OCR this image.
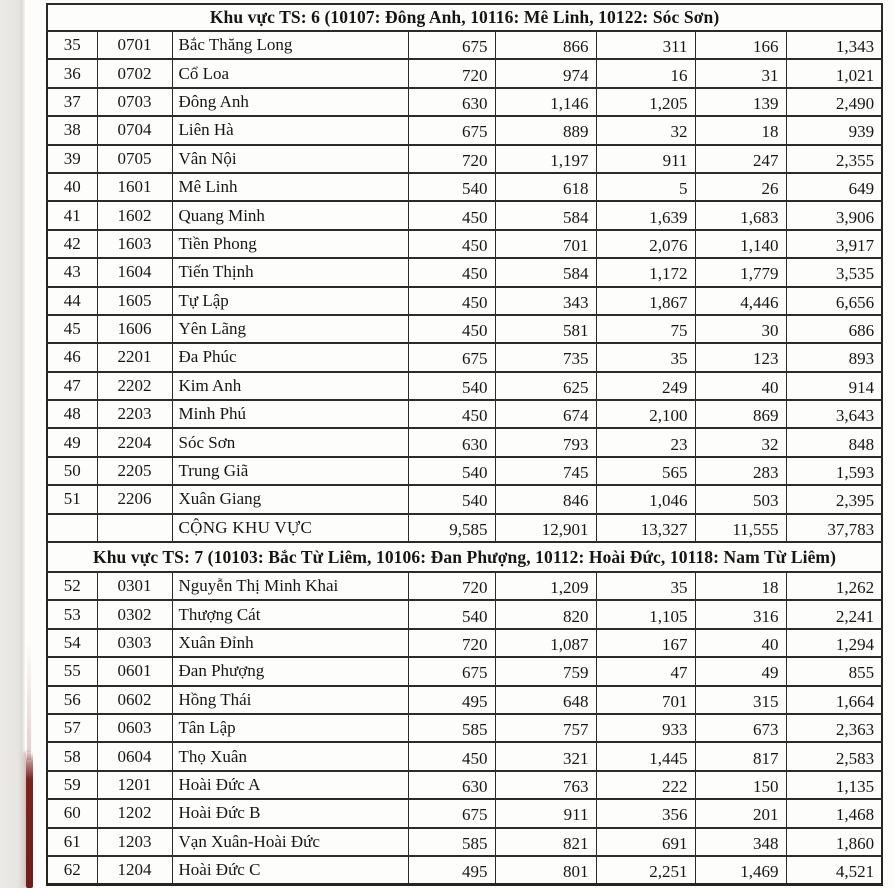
Khu vực TS: 6 (10107: Đông Anh, 10116: Mê Linh, 10122: Sóc Sơn)							
35	0701	Bắc Thăng Long	675	866	311	166	1,343
36	0702	Cổ Loa	720	974	16	31	1,021
37	0703	Đông Anh	630	1,146	1,205	139	2,490
38	0704	Liên Hà	675	889	32	18	939
39	0705	Vân Nội	720	1,197	911	247	2,355
40	1601	Mê Linh	540	618	5	26	649
41	1602	Quang Minh	450	584	1,639	1,683	3,906
42	1603	Tiền Phong	450	701	2,076	1,140	3,917
43	1604	Tiến Thịnh	450	584	1,172	1,779	3,535
44	1605	Tự Lập	450	343	1,867	4,446	6,656
45	1606	Yên Lãng	450	581	75	30	686
46	2201	Đa Phúc	675	735	35	123	893
47	2202	Kim Anh	540	625	249	40	914
48	2203	Minh Phú	450	674	2,100	869	3,643
49	2204	Sóc Sơn	630	793	23	32	848
50	2205	Trung Giã	540	745	565	283	1,593
51	2206	Xuân Giang	540	846	1,046	503	2,395
		CỘNG KHU VỰC	9,585	12,901	13,327	11,555	37,783
Khu vực TS: 7 (10103: Bắc Từ Liêm, 10106: Đan Phượng, 10112: Hoài Đức, 10118: Nam Từ Liêm)							
52	0301	Nguyễn Thị Minh Khai	720	1,209	35	18	1,262
53	0302	Thượng Cát	540	820	1,105	316	2,241
54	0303	Xuân Đỉnh	720	1,087	167	40	1,294
55	0601	Đan Phượng	675	759	47	49	855
56	0602	Hồng Thái	495	648	701	315	1,664
57	0603	Tân Lập	585	757	933	673	2,363
58	0604	Thọ Xuân	450	321	1,445	817	2,583
59	1201	Hoài Đức A	630	763	222	150	1,135
60	1202	Hoài Đức B	675	911	356	201	1,468
61	1203	Vạn Xuân-Hoài Đức	585	821	691	348	1,860
62	1204	Hoài Đức C	495	801	2,251	1,469	4,521
